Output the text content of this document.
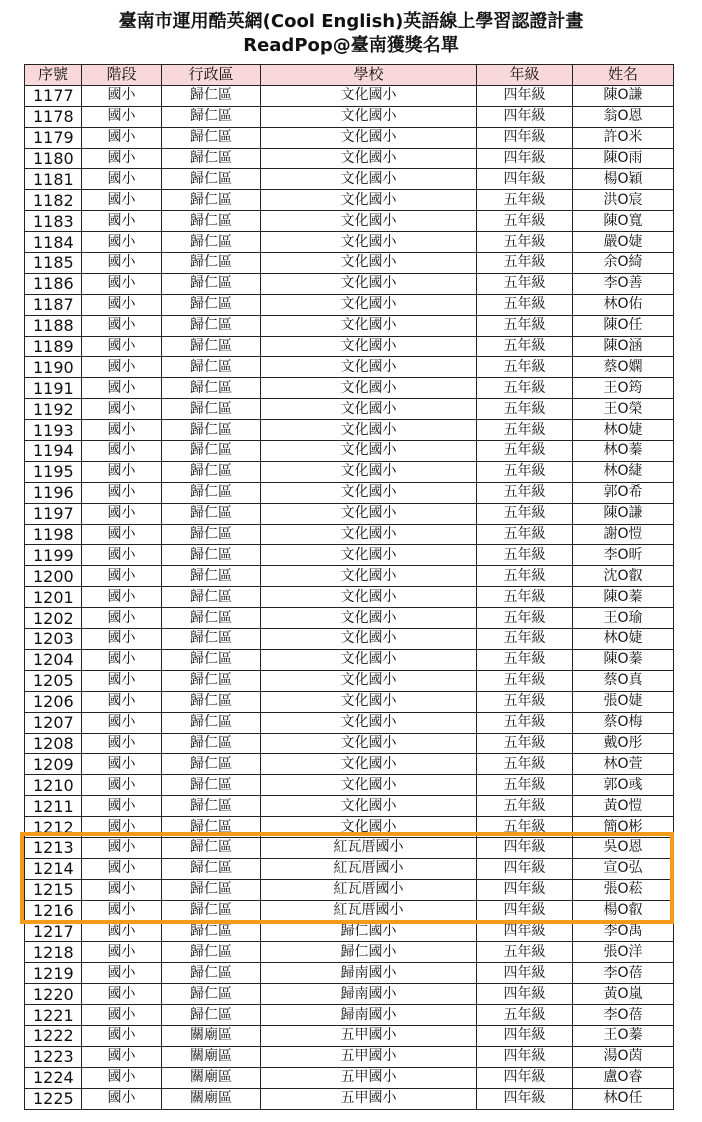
臺南市運用酷英網(Cool English)英語線上學習認證計畫
ReadPop@臺南獲獎名單
序號	階段	行政區	學校	年級	姓名
1177	國小	歸仁區	文化國小	四年級	陳O謙
1178	國小	歸仁區	文化國小	四年級	翁O恩
1179	國小	歸仁區	文化國小	四年級	許O米
1180	國小	歸仁區	文化國小	四年級	陳O雨
1181	國小	歸仁區	文化國小	四年級	楊O穎
1182	國小	歸仁區	文化國小	五年級	洪O宸
1183	國小	歸仁區	文化國小	五年級	陳O寬
1184	國小	歸仁區	文化國小	五年級	嚴O婕
1185	國小	歸仁區	文化國小	五年級	余O綺
1186	國小	歸仁區	文化國小	五年級	李O善
1187	國小	歸仁區	文化國小	五年級	林O佑
1188	國小	歸仁區	文化國小	五年級	陳O任
1189	國小	歸仁區	文化國小	五年級	陳O涵
1190	國小	歸仁區	文化國小	五年級	蔡O嫻
1191	國小	歸仁區	文化國小	五年級	王O筠
1192	國小	歸仁區	文化國小	五年級	王O榮
1193	國小	歸仁區	文化國小	五年級	林O婕
1194	國小	歸仁區	文化國小	五年級	林O蓁
1195	國小	歸仁區	文化國小	五年級	林O緁
1196	國小	歸仁區	文化國小	五年級	郭O希
1197	國小	歸仁區	文化國小	五年級	陳O謙
1198	國小	歸仁區	文化國小	五年級	謝O愷
1199	國小	歸仁區	文化國小	五年級	李O昕
1200	國小	歸仁區	文化國小	五年級	沈O叡
1201	國小	歸仁區	文化國小	五年級	陳O蓁
1202	國小	歸仁區	文化國小	五年級	王O瑜
1203	國小	歸仁區	文化國小	五年級	林O婕
1204	國小	歸仁區	文化國小	五年級	陳O蓁
1205	國小	歸仁區	文化國小	五年級	蔡O真
1206	國小	歸仁區	文化國小	五年級	張O婕
1207	國小	歸仁區	文化國小	五年級	蔡O梅
1208	國小	歸仁區	文化國小	五年級	戴O彤
1209	國小	歸仁區	文化國小	五年級	林O萱
1210	國小	歸仁區	文化國小	五年級	郭O彧
1211	國小	歸仁區	文化國小	五年級	黃O愷
1212	國小	歸仁區	文化國小	五年級	簡O彬
1213	國小	歸仁區	紅瓦厝國小	四年級	吳O恩
1214	國小	歸仁區	紅瓦厝國小	四年級	宣O弘
1215	國小	歸仁區	紅瓦厝國小	四年級	張O菘
1216	國小	歸仁區	紅瓦厝國小	四年級	楊O叡
1217	國小	歸仁區	歸仁國小	四年級	李O禹
1218	國小	歸仁區	歸仁國小	五年級	張O洋
1219	國小	歸仁區	歸南國小	四年級	李O蓓
1220	國小	歸仁區	歸南國小	四年級	黃O嵐
1221	國小	歸仁區	歸南國小	五年級	李O蓓
1222	國小	關廟區	五甲國小	四年級	王O蓁
1223	國小	關廟區	五甲國小	四年級	湯O茵
1224	國小	關廟區	五甲國小	四年級	盧O睿
1225	國小	關廟區	五甲國小	四年級	林O任
